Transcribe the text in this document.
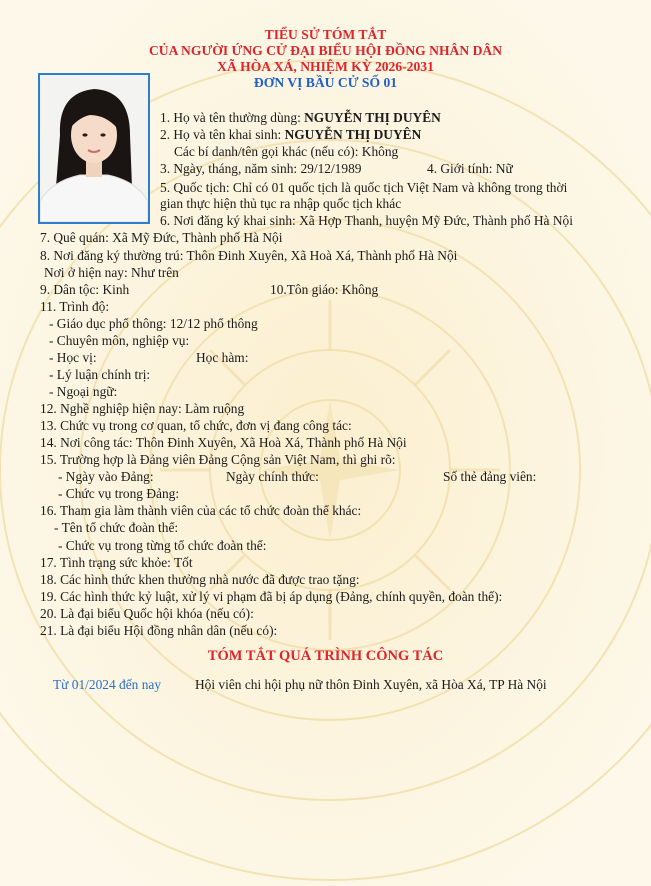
TIỂU SỬ TÓM TẮT
CỦA NGƯỜI ỨNG CỬ ĐẠI BIỂU HỘI ĐỒNG NHÂN DÂN
XÃ HÒA XÁ, NHIỆM KỲ 2026-2031
ĐƠN VỊ BẦU CỬ SỐ 01
1. Họ và tên thường dùng: NGUYỄN THỊ DUYÊN
2. Họ và tên khai sinh: NGUYỄN THỊ DUYÊN
Các bí danh/tên gọi khác (nếu có): Không
3. Ngày, tháng, năm sinh: 29/12/1989	4. Giới tính: Nữ
5. Quốc tịch: Chỉ có 01 quốc tịch là quốc tịch Việt Nam và không trong thời
gian thực hiện thủ tục ra nhập quốc tịch khác
6. Nơi đăng ký khai sinh: Xã Hợp Thanh, huyện Mỹ Đức, Thành phố Hà Nội
7. Quê quán: Xã Mỹ Đức, Thành phố Hà Nội
8. Nơi đăng ký thường trú: Thôn Đinh Xuyên, Xã Hoà Xá, Thành phố Hà Nội
Nơi ở hiện nay: Như trên
9. Dân tộc: Kinh	10.Tôn giáo: Không
11. Trình độ:
- Giáo dục phổ thông: 12/12 phổ thông
- Chuyên môn, nghiệp vụ:
- Học vị:	Học hàm:
- Lý luận chính trị:
- Ngoại ngữ:
12. Nghề nghiệp hiện nay: Làm ruộng
13. Chức vụ trong cơ quan, tổ chức, đơn vị đang công tác:
14. Nơi công tác: Thôn Đinh Xuyên, Xã Hoà Xá, Thành phố Hà Nội
15. Trường hợp là Đảng viên Đảng Cộng sản Việt Nam, thì ghi rõ:
- Ngày vào Đảng:	Ngày chính thức:	Số thẻ đảng viên:
- Chức vụ trong Đảng:
16. Tham gia làm thành viên của các tổ chức đoàn thể khác:
- Tên tổ chức đoàn thể:
- Chức vụ trong từng tổ chức đoàn thể:
17. Tình trạng sức khỏe: Tốt
18. Các hình thức khen thưởng nhà nước đã được trao tặng:
19. Các hình thức kỷ luật, xử lý vi phạm đã bị áp dụng (Đảng, chính quyền, đoàn thể):
20. Là đại biểu Quốc hội khóa (nếu có):
21. Là đại biểu Hội đồng nhân dân (nếu có):
TÓM TẮT QUÁ TRÌNH CÔNG TÁC
Từ 01/2024 đến nay	Hội viên chi hội phụ nữ thôn Đinh Xuyên, xã Hòa Xá, TP Hà Nội
